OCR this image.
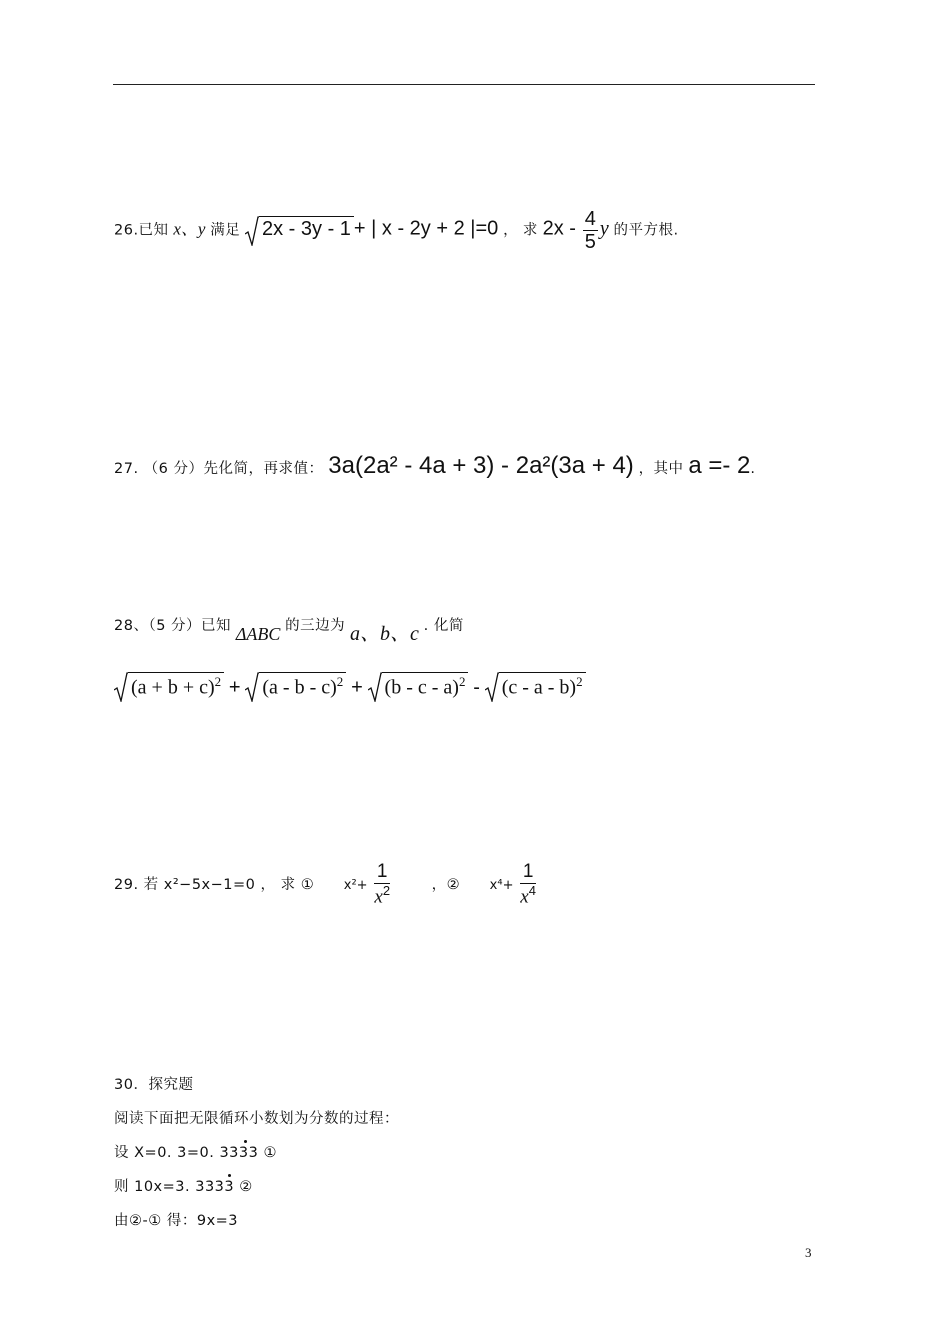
26.已知 x、y 满足 2x - 3y - 1 + | x - 2y + 2 |=0 ， 求 $2x - \frac{4}{5}$ y 的平方根.
27. （6 分）先化简，再求值： 3a(2a² - 4a + 3) - 2a²(3a + 4) ，其中 a =- 2.
28、（5 分）已知 ΔABC 的三边为 a、b、c . 化简
$(a + b + c)^2 + (a - b - c)^2 + (b - c - a)^2 - (c - a - b)^2$
29. 若 x²−5x−1=0 ， 求 ① $x^2+ \frac{1}{x^2}$	，② $x^4+ \frac{1}{x^4}$
30．探究题
阅读下面把无限循环小数划为分数的过程：
设 X=0. 3=0. 3333 ①
则 10x=3. 3333 ②
由②-① 得：9x=3
3
